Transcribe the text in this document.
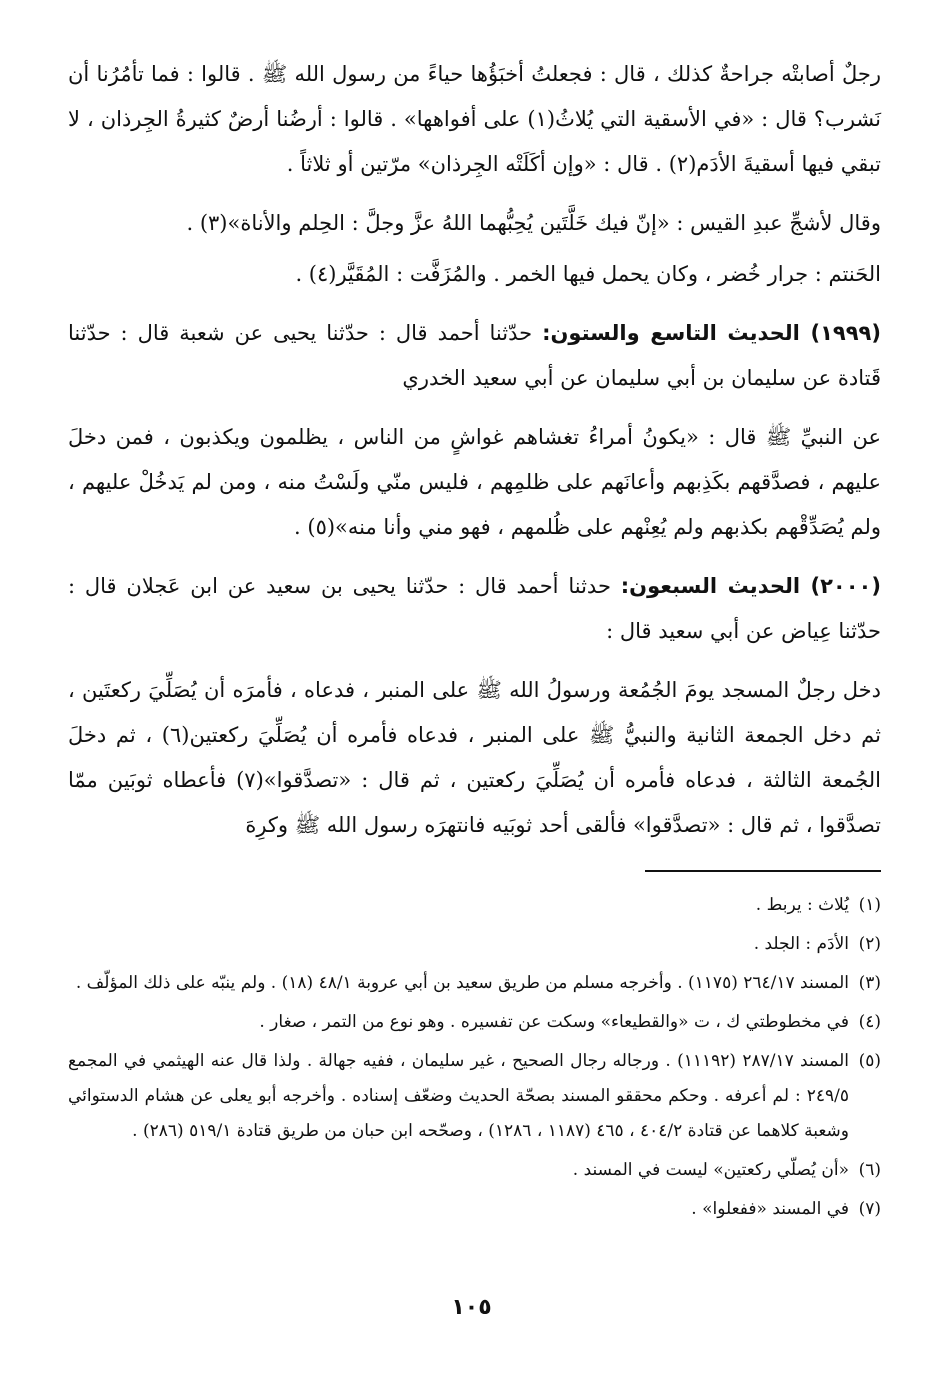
رجلٌ أصابتْه جراحةٌ كذلك ، قال : فجعلتُ أخبَؤُها حياءً من رسول الله ﷺ . قالوا : فما تأمُرُنا أن نَشرب؟ قال : «في الأسقية التي يُلاثُ(١) على أفواهها» . قالوا : أرضُنا أرضٌ كثيرةُ الجِرذان ، لا تبقي فيها أسقيةَ الأدَم(٢) . قال : «وإن أكَلَتْه الجِرذان» مرّتين أو ثلاثاً .

وقال لأشجِّ عبدِ القيس : «إنّ فيك خَلَّتَين يُحِبُّهما اللهُ عزَّ وجلَّ : الحِلم والأناة»(٣) .

الحَنتم : جرار خُضر ، وكان يحمل فيها الخمر . والمُزَفَّت : المُقَيَّر(٤) .

(١٩٩٩) الحديث التاسع والستون: حدّثنا أحمد قال : حدّثنا يحيى عن شعبة قال : حدّثنا قَتادة عن سليمان بن أبي سليمان عن أبي سعيد الخدري

عن النبيِّ ﷺ قال : «يكونُ أمراءُ تغشاهم غواشٍ من الناس ، يظلمون ويكذبون ، فمن دخلَ عليهم ، فصدَّقهم بكَذِبهم وأعانَهم على ظلمِهم ، فليس منّي ولَسْتُ منه ، ومن لم يَدخُلْ عليهم ، ولم يُصَدِّقْهم بكذبهم ولم يُعِنْهم على ظُلمهم ، فهو مني وأنا منه»(٥) .

(٢٠٠٠) الحديث السبعون: حدثنا أحمد قال : حدّثنا يحيى بن سعيد عن ابن عَجلان قال : حدّثنا عِياض عن أبي سعيد قال :

دخل رجلٌ المسجد يومَ الجُمُعة ورسولُ الله ﷺ على المنبر ، فدعاه ، فأمرَه أن يُصَلِّيَ ركعتَين ، ثم دخل الجمعة الثانية والنبيُّ ﷺ على المنبر ، فدعاه فأمره أن يُصَلِّيَ ركعتين(٦) ، ثم دخلَ الجُمعة الثالثة ، فدعاه فأمره أن يُصَلِّيَ ركعتين ، ثم قال : «تصدَّقوا»(٧) فأعطاه ثوبَين ممّا تصدَّقوا ، ثم قال : «تصدَّقوا» فألقى أحد ثوبَيه فانتهرَه رسول الله ﷺ وكرِهَ

(١)
يُلاث : يربط .
(٢)
الأدَم : الجلد .
(٣)
المسند ٢٦٤/١٧ (١١٧٥) . وأخرجه مسلم من طريق سعيد بن أبي عروبة ٤٨/١ (١٨) . ولم ينبّه على ذلك المؤلّف .
(٤)
في مخطوطتي ك ، ت «والقطيعاء» وسكت عن تفسيره . وهو نوع من التمر ، صغار .
(٥)
المسند ٢٨٧/١٧ (١١١٩٢) . ورجاله رجال الصحيح ، غير سليمان ، ففيه جهالة . ولذا قال عنه الهيثمي في المجمع ٢٤٩/٥ : لم أعرفه . وحكم محققو المسند بصحّة الحديث وضعّف إسناده . وأخرجه أبو يعلى عن هشام الدستوائي وشعبة كلاهما عن قتادة ٤٠٤/٢ ، ٤٦٥ (١١٨٧ ، ١٢٨٦) ، وصحّحه ابن حبان من طريق قتادة ٥١٩/١ (٢٨٦) .
(٦)
«أن يُصلّي ركعتين» ليست في المسند .
(٧)
في المسند «ففعلوا» .
١٠٥
